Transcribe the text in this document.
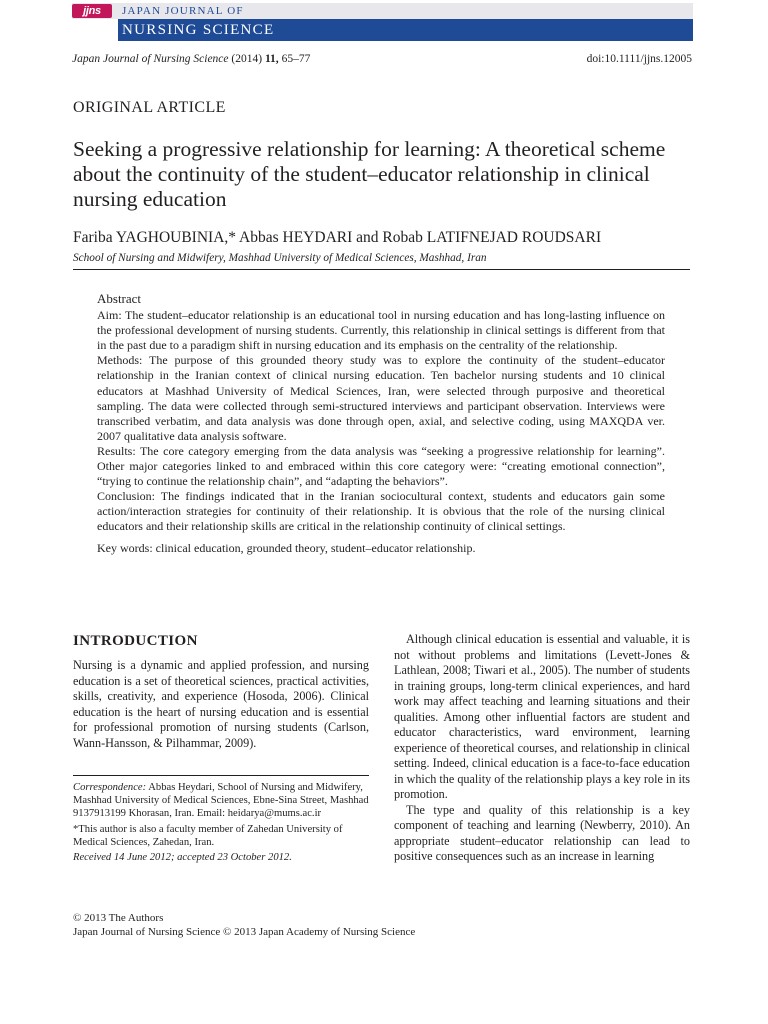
jjns	JAPAN JOURNAL OF
NURSING SCIENCE
Japan Journal of Nursing Science (2014) 11, 65–77	doi:10.1111/jjns.12005
ORIGINAL ARTICLE
Seeking a progressive relationship for learning: A theoretical scheme about the continuity of the student–educator relationship in clinical nursing education
Fariba YAGHOUBINIA,* Abbas HEYDARI and Robab LATIFNEJAD ROUDSARI
School of Nursing and Midwifery, Mashhad University of Medical Sciences, Mashhad, Iran
Abstract

Aim: The student–educator relationship is an educational tool in nursing education and has long-lasting influence on the professional development of nursing students. Currently, this relationship in clinical settings is different from that in the past due to a paradigm shift in nursing education and its emphasis on the centrality of the relationship.

Methods: The purpose of this grounded theory study was to explore the continuity of the student–educator relationship in the Iranian context of clinical nursing education. Ten bachelor nursing students and 10 clinical educators at Mashhad University of Medical Sciences, Iran, were selected through purposive and theoretical sampling. The data were collected through semi-structured interviews and participant observation. Interviews were transcribed verbatim, and data analysis was done through open, axial, and selective coding, using MAXQDA ver. 2007 qualitative data analysis software.

Results: The core category emerging from the data analysis was “seeking a progressive relationship for learning”. Other major categories linked to and embraced within this core category were: “creating emotional connection”, “trying to continue the relationship chain”, and “adapting the behaviors”.

Conclusion: The findings indicated that in the Iranian sociocultural context, students and educators gain some action/interaction strategies for continuity of their relationship. It is obvious that the role of the nursing clinical educators and their relationship skills are critical in the relationship continuity of clinical settings.

Key words: clinical education, grounded theory, student–educator relationship.

INTRODUCTION

Nursing is a dynamic and applied profession, and nursing education is a set of theoretical sciences, practical activities, skills, creativity, and experience (Hosoda, 2006). Clinical education is the heart of nursing education and is essential for professional promotion of nursing students (Carlson, Wann-Hansson, & Pilhammar, 2009).

Correspondence: Abbas Heydari, School of Nursing and Midwifery, Mashhad University of Medical Sciences, Ebne-Sina Street, Mashhad 9137913199 Khorasan, Iran. Email: heidarya@mums.ac.ir

*This author is also a faculty member of Zahedan University of Medical Sciences, Zahedan, Iran.

Received 14 June 2012; accepted 23 October 2012.

Although clinical education is essential and valuable, it is not without problems and limitations (Levett-Jones & Lathlean, 2008; Tiwari et al., 2005). The number of students in training groups, long-term clinical experiences, and hard work may affect teaching and learning situations and their qualities. Among other influential factors are student and educator characteristics, ward environment, learning experience of theoretical courses, and relationship in clinical setting. Indeed, clinical education is a face-to-face education in which the quality of the relationship plays a key role in its promotion.

The type and quality of this relationship is a key component of teaching and learning (Newberry, 2010). An appropriate student–educator relationship can lead to positive consequences such as an increase in learning

© 2013 The Authors
Japan Journal of Nursing Science © 2013 Japan Academy of Nursing Science
